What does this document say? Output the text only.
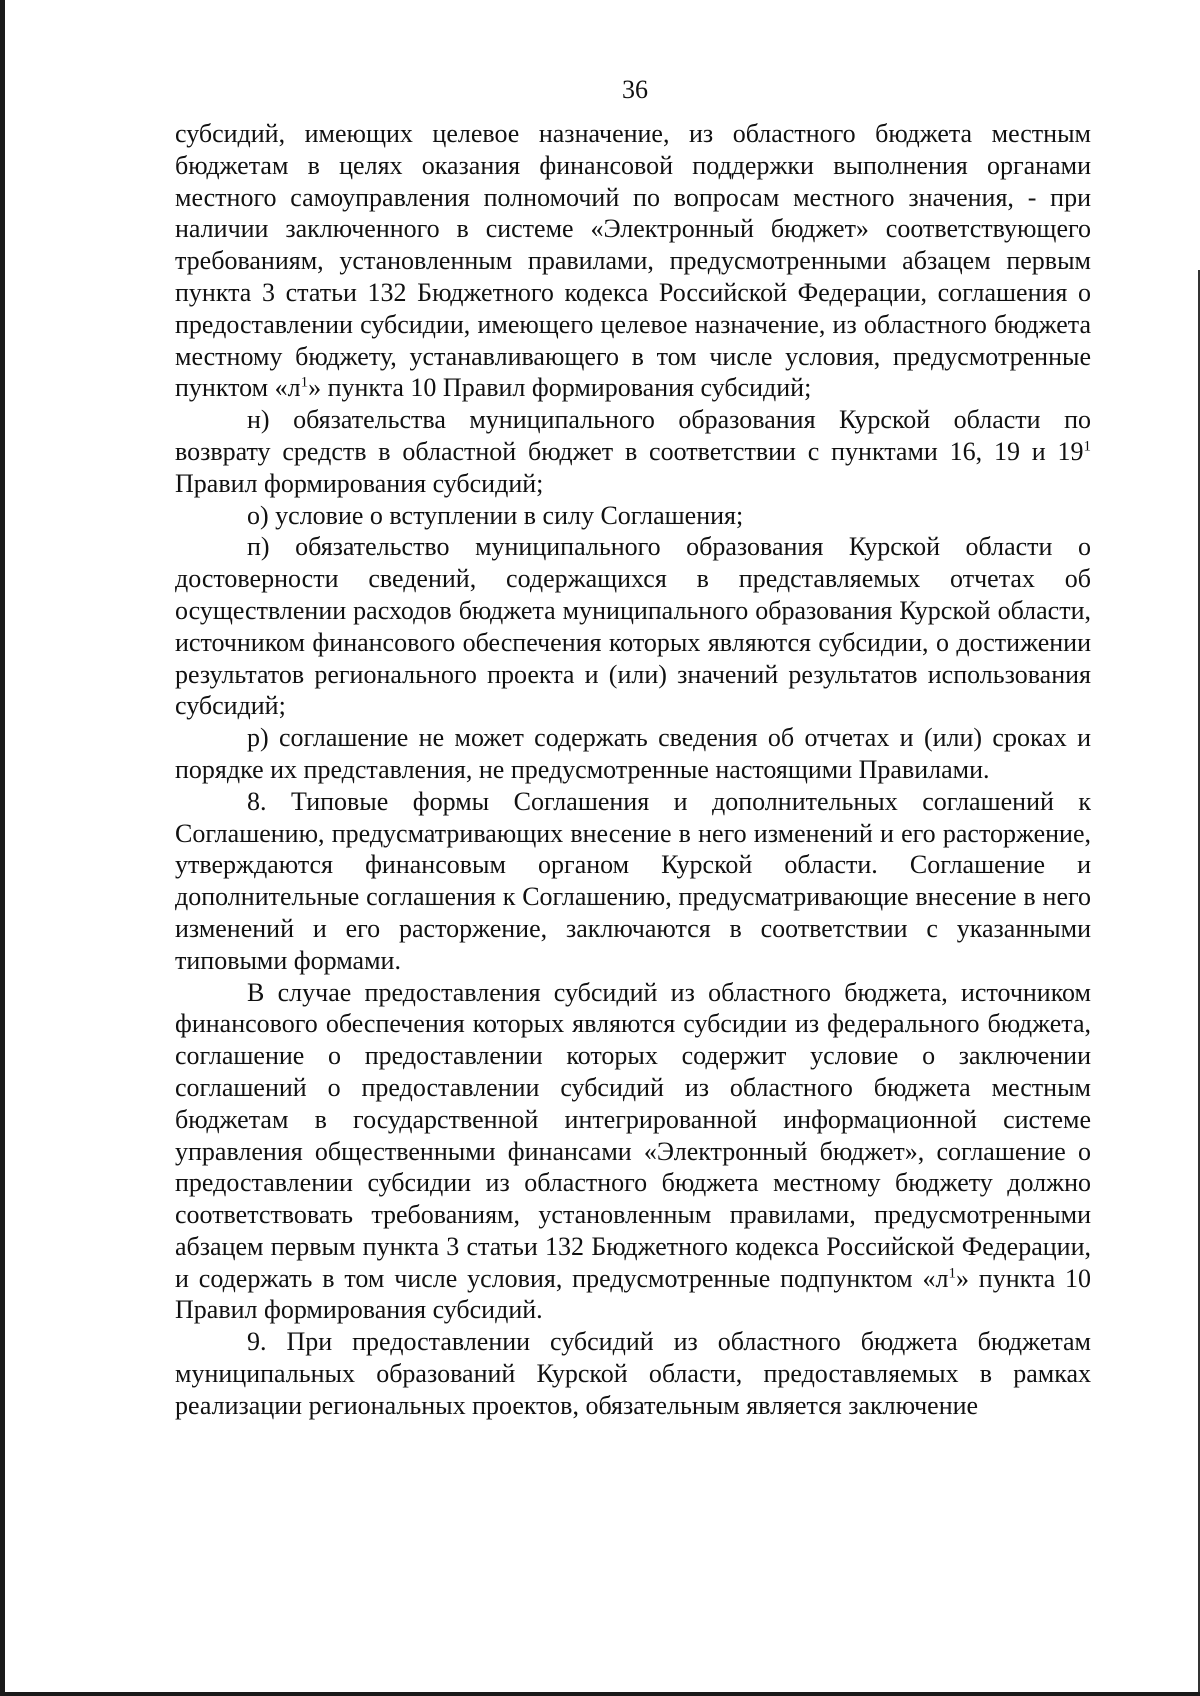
36

субсидий, имеющих целевое назначение, из областного бюджета местным бюджетам в целях оказания финансовой поддержки выполнения органами местного самоуправления полномочий по вопросам местного значения, - при наличии заключенного в системе «Электронный бюджет» соответствующего требованиям, установленным правилами, предусмотренными абзацем первым пункта 3 статьи 132 Бюджетного кодекса Российской Федерации, соглашения о предоставлении субсидии, имеющего целевое назначение, из областного бюджета местному бюджету, устанавливающего в том числе условия, предусмотренные пунктом «$л^1$» пункта 10 Правил формирования субсидий;

н) обязательства муниципального образования Курской области по возврату средств в областной бюджет в соответствии с пунктами 16, 19 и $19^1$ Правил формирования субсидий;

о) условие о вступлении в силу Соглашения;

п) обязательство муниципального образования Курской области о достоверности сведений, содержащихся в представляемых отчетах об осуществлении расходов бюджета муниципального образования Курской области, источником финансового обеспечения которых являются субсидии, о достижении результатов регионального проекта и (или) значений результатов использования субсидий;

р) соглашение не может содержать сведения об отчетах и (или) сроках и порядке их представления, не предусмотренные настоящими Правилами.

8. Типовые формы Соглашения и дополнительных соглашений к Соглашению, предусматривающих внесение в него изменений и его расторжение, утверждаются финансовым органом Курской области. Соглашение и дополнительные соглашения к Соглашению, предусматривающие внесение в него изменений и его расторжение, заключаются в соответствии с указанными типовыми формами.

В случае предоставления субсидий из областного бюджета, источником финансового обеспечения которых являются субсидии из федерального бюджета, соглашение о предоставлении которых содержит условие о заключении соглашений о предоставлении субсидий из областного бюджета местным бюджетам в государственной интегрированной информационной системе управления общественными финансами «Электронный бюджет», соглашение о предоставлении субсидии из областного бюджета местному бюджету должно соответствовать требованиям, установленным правилами, предусмотренными абзацем первым пункта 3 статьи 132 Бюджетного кодекса Российской Федерации, и содержать в том числе условия, предусмотренные подпунктом «$л^1$» пункта 10 Правил формирования субсидий.

9. При предоставлении субсидий из областного бюджета бюджетам муниципальных образований Курской области, предоставляемых в рамках реализации региональных проектов, обязательным является заключение
